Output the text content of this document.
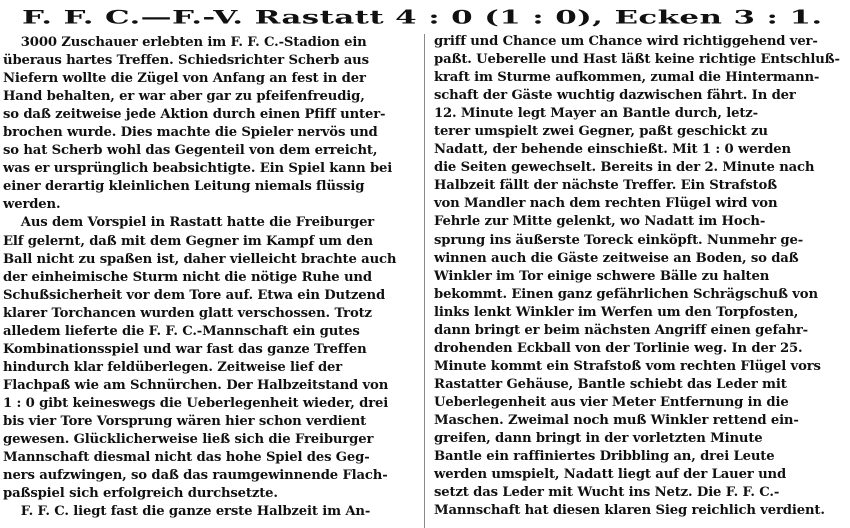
F. F. C.—F.-V. Rastatt 4 : 0 (1 : 0), Ecken 3 : 1.
3000 Zuschauer erlebten im F. F. C.-Stadion ein
überaus hartes Treffen. Schiedsrichter Scherb aus
Niefern wollte die Zügel von Anfang an fest in der
Hand behalten, er war aber gar zu pfeifenfreudig,
so daß zeitweise jede Aktion durch einen Pfiff unter-
brochen wurde. Dies machte die Spieler nervös und
so hat Scherb wohl das Gegenteil von dem erreicht,
was er ursprünglich beabsichtigte. Ein Spiel kann bei
einer derartig kleinlichen Leitung niemals flüssig
werden.
Aus dem Vorspiel in Rastatt hatte die Freiburger
Elf gelernt, daß mit dem Gegner im Kampf um den
Ball nicht zu spaßen ist, daher vielleicht brachte auch
der einheimische Sturm nicht die nötige Ruhe und
Schußsicherheit vor dem Tore auf. Etwa ein Dutzend
klarer Torchancen wurden glatt verschossen. Trotz
alledem lieferte die F. F. C.-Mannschaft ein gutes
Kombinationsspiel und war fast das ganze Treffen
hindurch klar feldüberlegen. Zeitweise lief der
Flachpaß wie am Schnürchen. Der Halbzeitstand von
1 : 0 gibt keineswegs die Ueberlegenheit wieder, drei
bis vier Tore Vorsprung wären hier schon verdient
gewesen. Glücklicherweise ließ sich die Freiburger
Mannschaft diesmal nicht das hohe Spiel des Geg-
ners aufzwingen, so daß das raumgewinnende Flach-
paßspiel sich erfolgreich durchsetzte.
F. F. C. liegt fast die ganze erste Halbzeit im An-
griff und Chance um Chance wird richtiggehend ver-
paßt. Ueberelle und Hast läßt keine richtige Entschluß-
kraft im Sturme aufkommen, zumal die Hintermann-
schaft der Gäste wuchtig dazwischen fährt. In der
12. Minute legt Mayer an Bantle durch, letz-
terer umspielt zwei Gegner, paßt geschickt zu
Nadatt, der behende einschießt. Mit 1 : 0 werden
die Seiten gewechselt. Bereits in der 2. Minute nach
Halbzeit fällt der nächste Treffer. Ein Strafstoß
von Mandler nach dem rechten Flügel wird von
Fehrle zur Mitte gelenkt, wo Nadatt im Hoch-
sprung ins äußerste Toreck einköpft. Nunmehr ge-
winnen auch die Gäste zeitweise an Boden, so daß
Winkler im Tor einige schwere Bälle zu halten
bekommt. Einen ganz gefährlichen Schrägschuß von
links lenkt Winkler im Werfen um den Torpfosten,
dann bringt er beim nächsten Angriff einen gefahr-
drohenden Eckball von der Torlinie weg. In der 25.
Minute kommt ein Strafstoß vom rechten Flügel vors
Rastatter Gehäuse, Bantle schiebt das Leder mit
Ueberlegenheit aus vier Meter Entfernung in die
Maschen. Zweimal noch muß Winkler rettend ein-
greifen, dann bringt in der vorletzten Minute
Bantle ein raffiniertes Dribbling an, drei Leute
werden umspielt, Nadatt liegt auf der Lauer und
setzt das Leder mit Wucht ins Netz. Die F. F. C.-
Mannschaft hat diesen klaren Sieg reichlich verdient.
